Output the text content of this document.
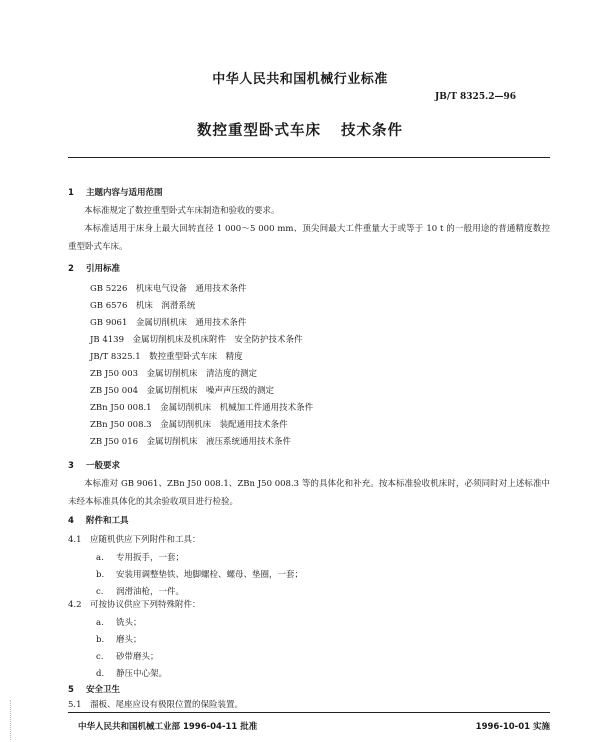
中华人民共和国机械行业标准
JB/T 8325.2—96
数控重型卧式车床 技术条件
1 主题内容与适用范围
本标准规定了数控重型卧式车床制造和验收的要求。
本标准适用于床身上最大回转直径 1 000～5 000 mm、顶尖间最大工件重量大于或等于 10 t 的一般用途的普通精度数控重型卧式车床。
2 引用标准
GB 5226　机床电气设备　通用技术条件
GB 6576　机床　润滑系统
GB 9061　金属切削机床　通用技术条件
JB 4139　金属切削机床及机床附件　安全防护技术条件
JB/T 8325.1　数控重型卧式车床　精度
ZB J50 003　金属切削机床　清洁度的测定
ZB J50 004　金属切削机床　噪声声压级的测定
ZBn J50 008.1　金属切削机床　机械加工件通用技术条件
ZBn J50 008.3　金属切削机床　装配通用技术条件
ZB J50 016　金属切削机床　液压系统通用技术条件
3 一般要求
本标准对 GB 9061、ZBn J50 008.1、ZBn J50 008.3 等的具体化和补充。按本标准验收机床时，必须同时对上述标准中未经本标准具体化的其余验收项目进行检验。
4 附件和工具
4.1 应随机供应下列附件和工具：
a. 专用扳手，一套；
b. 安装用调整垫铁、地脚螺栓、螺母、垫圈，一套；
c. 润滑油枪，一件。
4.2 可按协议供应下列特殊附件：
a. 铣头；
b. 磨头；
c. 砂带磨头；
d. 静压中心架。
5 安全卫生
5.1 溜板、尾座应设有极限位置的保险装置。
中华人民共和国机械工业部 1996-04-11 批准	1996-10-01 实施
